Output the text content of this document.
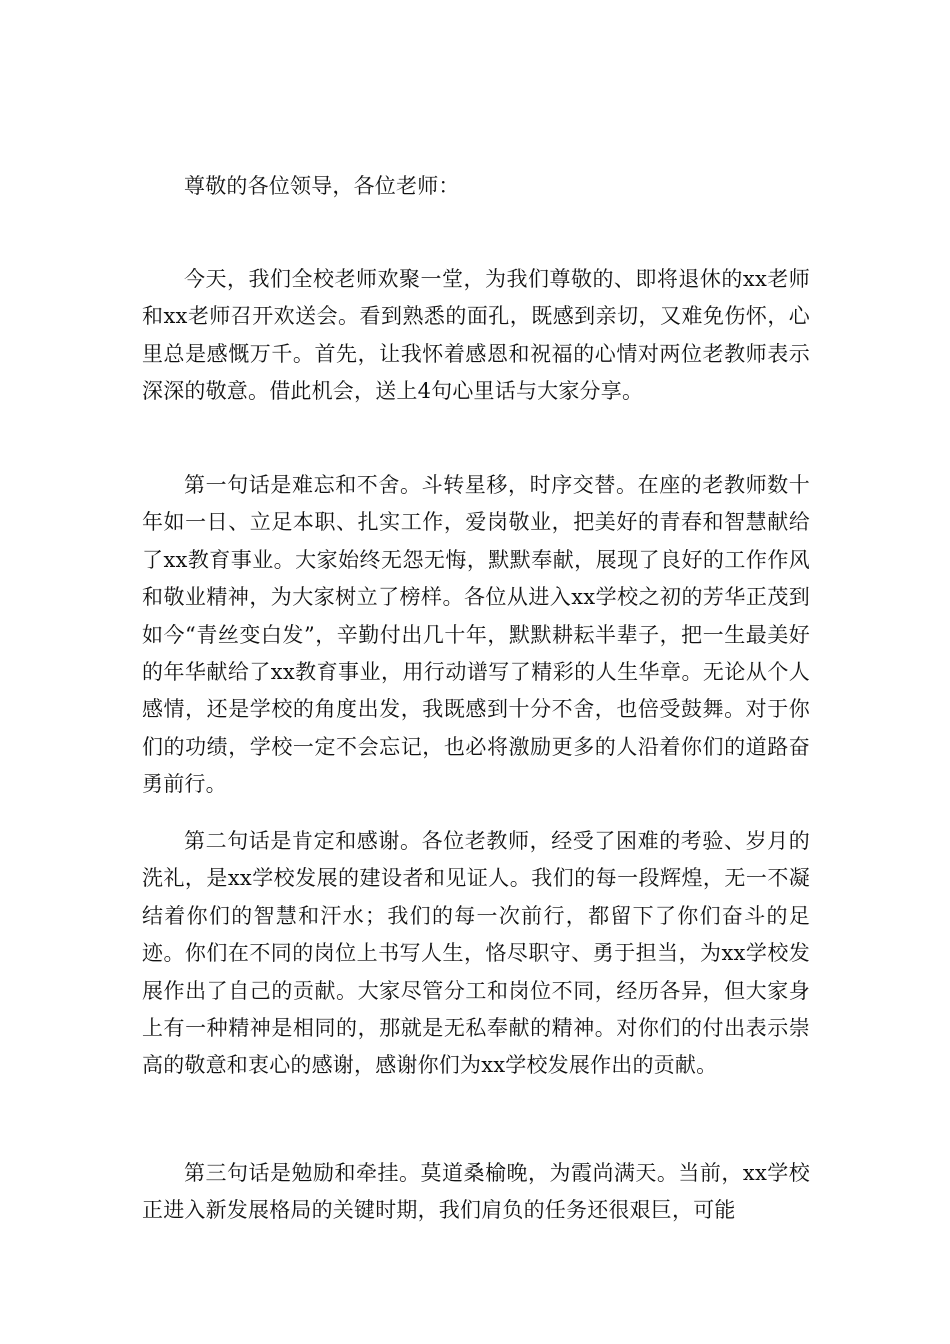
尊敬的各位领导，各位老师：

今天，我们全校老师欢聚一堂，为我们尊敬的、即将退休的xx老师和xx老师召开欢送会。看到熟悉的面孔，既感到亲切，又难免伤怀，心里总是感慨万千。首先，让我怀着感恩和祝福的心情对两位老教师表示深深的敬意。借此机会，送上4句心里话与大家分享。

第一句话是难忘和不舍。斗转星移，时序交替。在座的老教师数十年如一日、立足本职、扎实工作，爱岗敬业，把美好的青春和智慧献给了xx教育事业。大家始终无怨无悔，默默奉献，展现了良好的工作作风和敬业精神，为大家树立了榜样。各位从进入xx学校之初的芳华正茂到如今“青丝变白发”，辛勤付出几十年，默默耕耘半辈子，把一生最美好的年华献给了xx教育事业，用行动谱写了精彩的人生华章。无论从个人感情，还是学校的角度出发，我既感到十分不舍，也倍受鼓舞。对于你们的功绩，学校一定不会忘记，也必将激励更多的人沿着你们的道路奋勇前行。

第二句话是肯定和感谢。各位老教师，经受了困难的考验、岁月的洗礼，是xx学校发展的建设者和见证人。我们的每一段辉煌，无一不凝结着你们的智慧和汗水；我们的每一次前行，都留下了你们奋斗的足迹。你们在不同的岗位上书写人生，恪尽职守、勇于担当，为xx学校发展作出了自己的贡献。大家尽管分工和岗位不同，经历各异，但大家身上有一种精神是相同的，那就是无私奉献的精神。对你们的付出表示崇高的敬意和衷心的感谢，感谢你们为xx学校发展作出的贡献。

第三句话是勉励和牵挂。莫道桑榆晚，为霞尚满天。当前，xx学校正进入新发展格局的关键时期，我们肩负的任务还很艰巨，可能
